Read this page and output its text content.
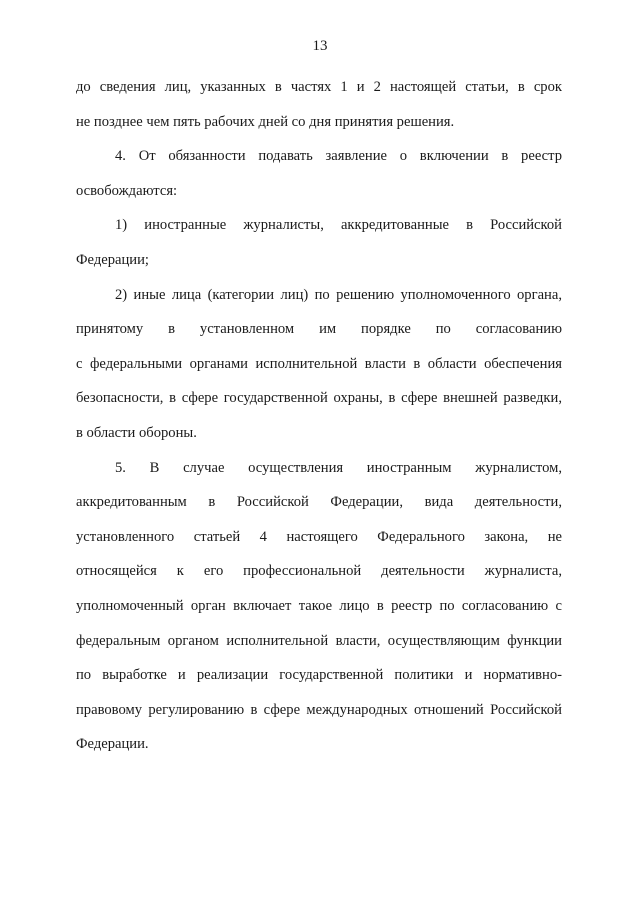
13
до сведения лиц, указанных в частях 1 и 2 настоящей статьи, в срок
не позднее чем пять рабочих дней со дня принятия решения.
4. От обязанности подавать заявление о включении в реестр
освобождаются:
1) иностранные журналисты, аккредитованные в Российской
Федерации;
2) иные лица (категории лиц) по решению уполномоченного органа,
принятому в установленном им порядке по согласованию
с федеральными органами исполнительной власти в области обеспечения
безопасности, в сфере государственной охраны, в сфере внешней разведки,
в области обороны.
5. В случае осуществления иностранным журналистом,
аккредитованным в Российской Федерации, вида деятельности,
установленного статьей 4 настоящего Федерального закона, не
относящейся к его профессиональной деятельности журналиста,
уполномоченный орган включает такое лицо в реестр по согласованию с
федеральным органом исполнительной власти, осуществляющим функции
по выработке и реализации государственной политики и нормативно-
правовому регулированию в сфере международных отношений Российской
Федерации.
